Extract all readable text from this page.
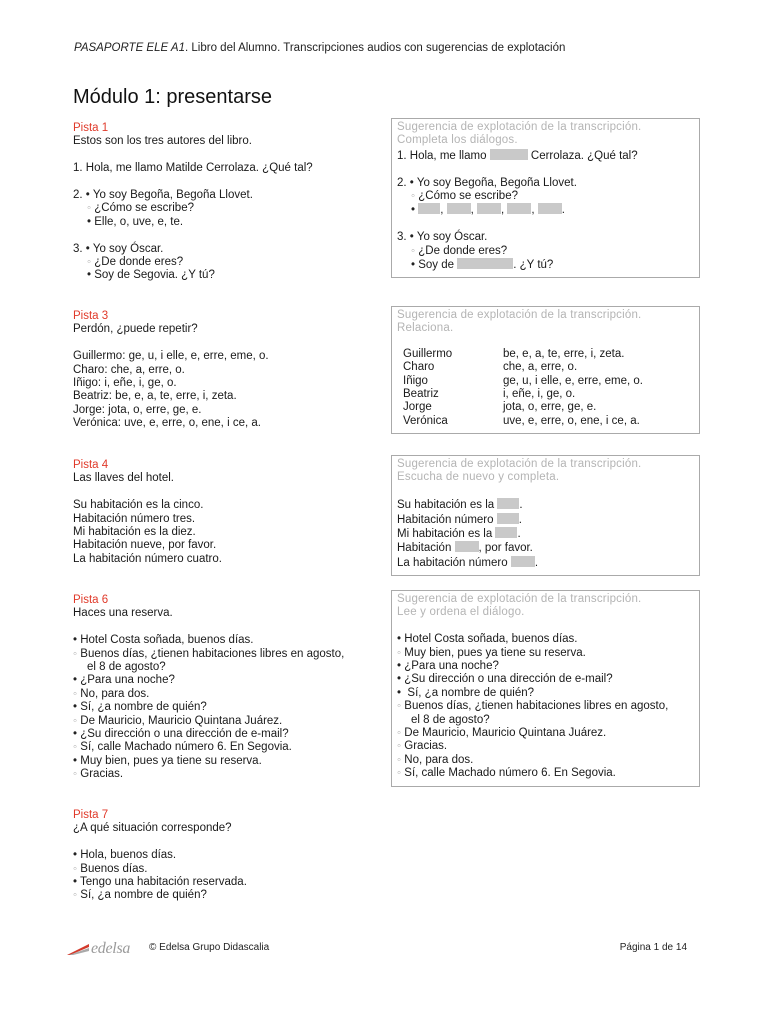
PASAPORTE ELE A1. Libro del Alumno. Transcripciones audios con sugerencias de explotación
Módulo 1: presentarse
Pista 1
Estos son los tres autores del libro.
1. Hola, me llamo Matilde Cerrolaza. ¿Qué tal?
2. • Yo soy Begoña, Begoña Llovet.
◦ ¿Cómo se escribe?
• Elle, o, uve, e, te.
3. • Yo soy Óscar.
◦ ¿De donde eres?
• Soy de Segovia. ¿Y tú?
Sugerencia de explotación de la transcripción.
Completa los diálogos.
1. Hola, me llamo	Cerrolaza. ¿Qué tal?
2. • Yo soy Begoña, Begoña Llovet.
◦ ¿Cómo se escribe?
• , , , , .
3. • Yo soy Óscar.
◦ ¿De donde eres?
• Soy de	. ¿Y tú?
Pista 3
Perdón, ¿puede repetir?
Guillermo: ge, u, i elle, e, erre, eme, o.
Charo: che, a, erre, o.
Iñigo: i, eñe, i, ge, o.
Beatriz: be, e, a, te, erre, i, zeta.
Jorge: jota, o, erre, ge, e.
Verónica: uve, e, erre, o, ene, i ce, a.
Sugerencia de explotación de la transcripción.
Relaciona.
Guillermo	be, e, a, te, erre, i, zeta.
Charo	che, a, erre, o.
Iñigo	ge, u, i elle, e, erre, eme, o.
Beatriz	i, eñe, i, ge, o.
Jorge	jota, o, erre, ge, e.
Verónica	uve, e, erre, o, ene, i ce, a.
Pista 4
Las llaves del hotel.
Su habitación es la cinco.
Habitación número tres.
Mi habitación es la diez.
Habitación nueve, por favor.
La habitación número cuatro.
Sugerencia de explotación de la transcripción.
Escucha de nuevo y completa.
Su habitación es la .
Habitación número .
Mi habitación es la .
Habitación , por favor.
La habitación número .
Pista 6
Haces una reserva.
• Hotel Costa soñada, buenos días.
◦ Buenos días, ¿tienen habitaciones libres en agosto,
el 8 de agosto?
• ¿Para una noche?
◦ No, para dos.
• Sí, ¿a nombre de quién?
◦ De Mauricio, Mauricio Quintana Juárez.
• ¿Su dirección o una dirección de e-mail?
◦ Sí, calle Machado número 6. En Segovia.
• Muy bien, pues ya tiene su reserva.
◦ Gracias.
Sugerencia de explotación de la transcripción.
Lee y ordena el diálogo.
• Hotel Costa soñada, buenos días.
◦ Muy bien, pues ya tiene su reserva.
• ¿Para una noche?
• ¿Su dirección o una dirección de e-mail?
• Sí, ¿a nombre de quién?
◦ Buenos días, ¿tienen habitaciones libres en agosto,
el 8 de agosto?
◦ De Mauricio, Mauricio Quintana Juárez.
◦ Gracias.
◦ No, para dos.
◦ Sí, calle Machado número 6. En Segovia.
Pista 7
¿A qué situación corresponde?
• Hola, buenos días.
◦ Buenos días.
• Tengo una habitación reservada.
◦ Sí, ¿a nombre de quién?
edelsa © Edelsa Grupo Didascalia	Página 1 de 14
